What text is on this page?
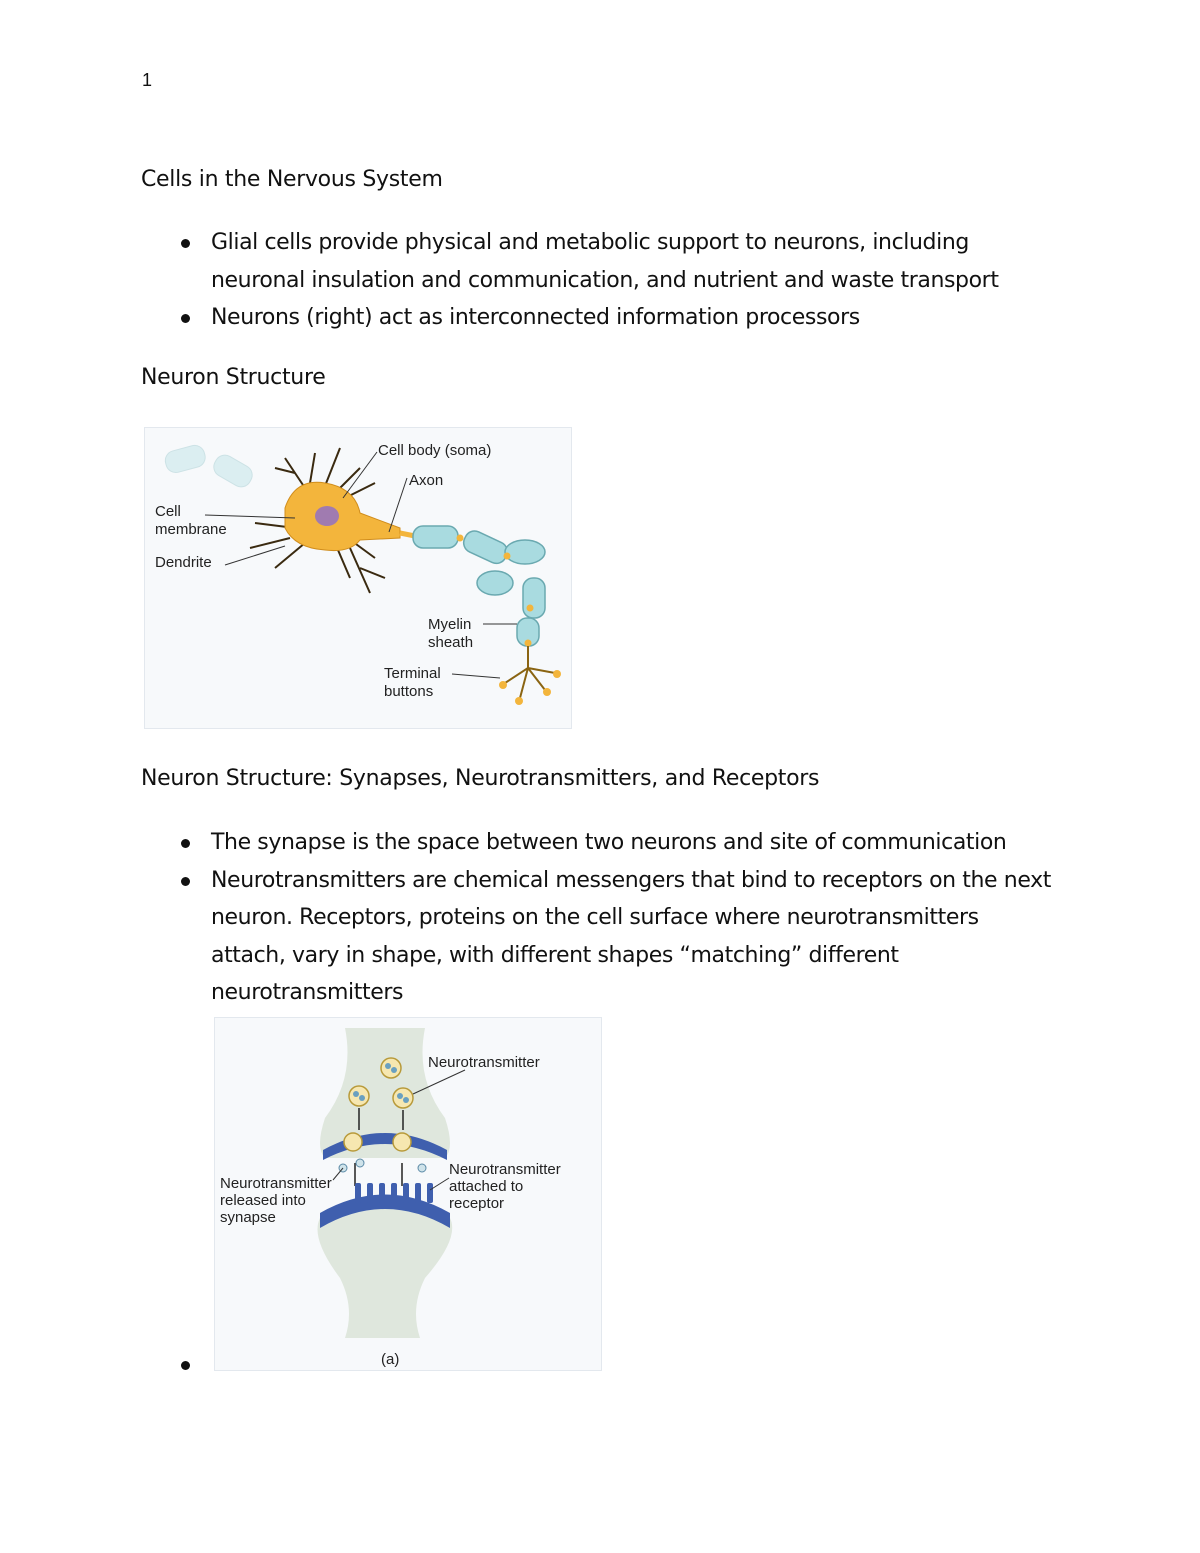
1
Cells in the Nervous System
Glial cells provide physical and metabolic support to neurons, including neuronal insulation and communication, and nutrient and waste transport
Neurons (right) act as interconnected information processors
Neuron Structure
Cell body (soma)
Axon
Cell
membrane
Dendrite
Myelin
sheath
Terminal
buttons
Neuron Structure: Synapses, Neurotransmitters, and Receptors
The synapse is the space between two neurons and site of communication
Neurotransmitters are chemical messengers that bind to receptors on the next neuron. Receptors, proteins on the cell surface where neurotransmitters attach, vary in shape, with different shapes “matching” different neurotransmitters
Neurotransmitter
Neurotransmitter
released into
synapse
Neurotransmitter
attached to
receptor
(a)
